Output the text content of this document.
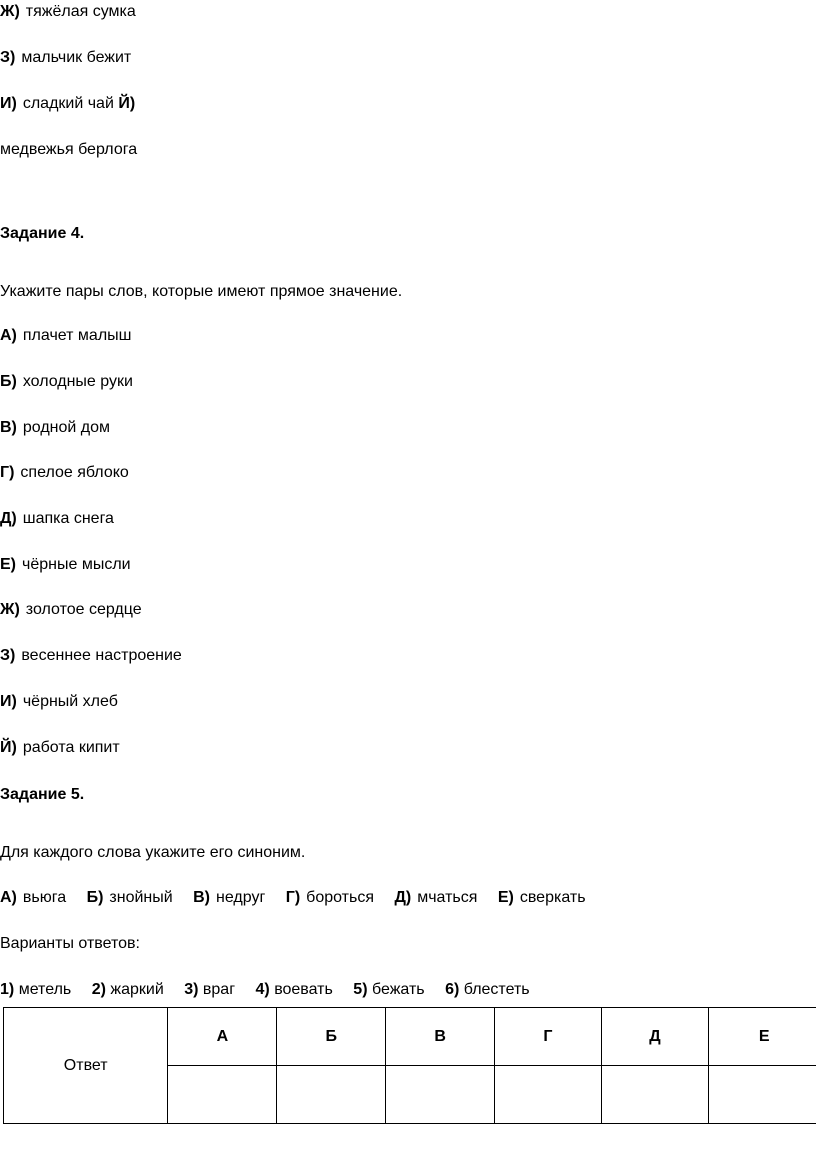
Ж) тяжёлая сумка
З) мальчик бежит
И) сладкий чай Й)
медвежья берлога
Задание 4.
Укажите пары слов, которые имеют прямое значение.
А) плачет малыш
Б) холодные руки
В) родной дом
Г) спелое яблоко
Д) шапка снега
Е) чёрные мысли
Ж) золотое сердце
З) весеннее настроение
И) чёрный хлеб
Й) работа кипит
Задание 5.
Для каждого слова укажите его синоним.
А) вьюга Б) знойный В) недруг Г) бороться Д) мчаться Е) сверкать
Варианты ответов:
1) метель 2) жаркий 3) враг 4) воевать 5) бежать 6) блестеть
Ответ	А	Б	В	Г	Д	Е
